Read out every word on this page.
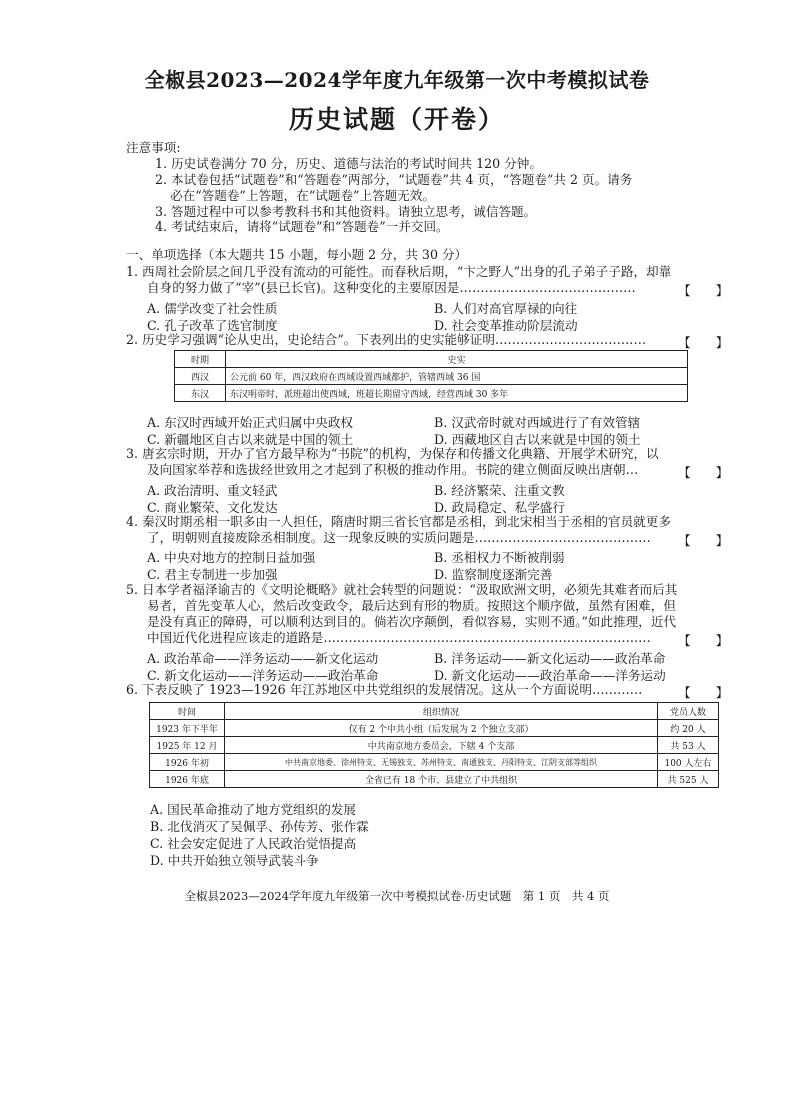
全椒县2023—2024学年度九年级第一次中考模拟试卷
历史试题（开卷）
注意事项:
1. 历史试卷满分 70 分，历史、道德与法治的考试时间共 120 分钟。
2. 本试卷包括“试题卷”和“答题卷”两部分，“试题卷”共 4 页，“答题卷”共 2 页。请务
必在“答题卷”上答题，在“试题卷”上答题无效。
3. 答题过程中可以参考教科书和其他资料。请独立思考，诚信答题。
4. 考试结束后，请将“试题卷”和“答题卷”一并交回。
一、单项选择（本大题共 15 小题，每小题 2 分，共 30 分）
1. 西周社会阶层之间几乎没有流动的可能性。而春秋后期，“卞之野人”出身的孔子弟子子路，却靠
自身的努力做了“宰”(县已长官)。这种变化的主要原因是……………………………………	【　　】
A. 儒学改变了社会性质	B. 人们对高官厚禄的向往
C. 孔子改革了选官制度	D. 社会变革推动阶层流动
2. 历史学习强调“论从史出，史论结合”。下表列出的史实能够证明………………………………	【　　】
时期	史实
西汉	公元前 60 年，西汉政府在西域设置西域都护，管辖西域 36 国
东汉	东汉明帝时，派班超出使西域，班超长期留守西域，经营西域 30 多年
A. 东汉时西域开始正式归属中央政权	B. 汉武帝时就对西域进行了有效管辖
C. 新疆地区自古以来就是中国的领土	D. 西藏地区自古以来就是中国的领土
3. 唐玄宗时期，开办了官方最早称为“书院”的机构，为保存和传播文化典籍、开展学术研究，以
及向国家举荐和选拔经世致用之才起到了积极的推动作用。书院的建立侧面反映出唐朝…	【　　】
A. 政治清明、重文轻武	B. 经济繁荣、注重文教
C. 商业繁荣、文化发达	D. 政局稳定、私学盛行
4. 秦汉时期丞相一职多由一人担任，隋唐时期三省长官都是丞相，到北宋相当于丞相的官员就更多
了，明朝则直接废除丞相制度。这一现象反映的实质问题是…………………………………… 【　　】
A. 中央对地方的控制日益加强	B. 丞相权力不断被削弱
C. 君主专制进一步加强	D. 监察制度逐渐完善
5. 日本学者福泽谕吉的《文明论概略》就社会转型的问题说：“汲取欧洲文明，必须先其难者而后其
易者，首先变革人心，然后改变政令，最后达到有形的物质。按照这个顺序做，虽然有困难，但
是没有真正的障碍，可以顺利达到目的。倘若次序颠倒，看似容易，实则不通。”如此推理，近代
中国近代化进程应该走的道路是…………………………………………………………………… 【　　】
A. 政治革命——洋务运动——新文化运动	B. 洋务运动——新文化运动——政治革命
C. 新文化运动——洋务运动——政治革命	D. 新文化运动——政治革命——洋务运动
6. 下表反映了 1923—1926 年江苏地区中共党组织的发展情况。这从一个方面说明…………	【　　】
时间	组织情况	党员人数
1923 年下半年	仅有 2 个中共小组（后发展为 2 个独立支部）	约 20 人
1925 年 12 月	中共南京地方委员会，下辖 4 个支部	共 53 人
1926 年初	中共南京地委、徐州特支、无锡独支、苏州特支、南通独支、丹阳特支、江阴支部等组织	100 人左右
1926 年底	全省已有 18 个市、县建立了中共组织	共 525 人
A. 国民革命推动了地方党组织的发展
B. 北伐消灭了吴佩孚、孙传芳、张作霖
C. 社会安定促进了人民政治觉悟提高
D. 中共开始独立领导武装斗争
全椒县2023—2024学年度九年级第一次中考模拟试卷·历史试题　第 1 页　共 4 页
